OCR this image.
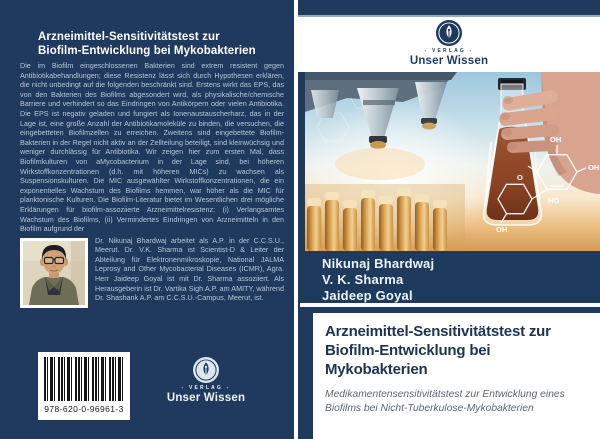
Arzneimittel-Sensitivitätstest zur
Biofilm-Entwicklung bei Mykobakterien
Die im Biofilm eingeschlossenen Bakterien sind extrem resistent gegen Antibiotikabehandlungen; diese Resistenz lässt sich durch Hypothesen erklären, die nicht unbedingt auf die folgenden beschränkt sind. Erstens wirkt das EPS, das von den Bakterien des Biofilms abgesondert wird, als physikalische/chemische Barriere und verhindert so das Eindringen von Antikörpern oder vielen Antibiotika. Die EPS ist negativ geladen und fungiert als Ionenaustauscherharz, das in der Lage ist, eine große Anzahl der Antibiotikamoleküle zu binden, die versuchen, die eingebetteten Biofilmzellen zu erreichen. Zweitens sind eingebettete Biofilm-Bakterien in der Regel nicht aktiv an der Zellteilung beteiligt, sind kleinwüchsig und weniger durchlässig für Antibiotika. Wir zeigen hier zum ersten Mal, dass Biofilmkulturen von aMycobacterium in der Lage sind, bei höheren Wirkstoffkonzentrationen (d.h. mit höheren MICs) zu wachsen als Suspensionskulturen. Die MIC ausgewählter Wirkstoffkonzentrationen, die ein exponentielles Wachstum des Biofilms hemmen, war höher als die MIC für planktonische Kulturen. Die Biofilm-Literatur bietet im Wesentlichen drei mögliche Erklärungen für biofilm-assoziierte Arzneimittelresistenz: (i) Verlangsamtes Wachstum des Biofilms, (ii) Vermindertes Eindringen von Arzneimitteln in den Biofilm aufgrund der
Dr. Nikunaj Bhardwaj arbeitet als A.P. in der C.C.S.U., Meerut. Dr. V.K. Sharma ist Scientist-D & Leiter der Abteilung für Elektronenmikroskopie, National JALMA Leprosy and Other Mycobacterial Diseases (ICMR), Agra. Herr Jaideep Goyal ist mit Dr. Sharma assoziiert. Als Herausgeberin ist Dr. Vartika Sigh A.P. am AMITY, während Dr. Shashank A.P. am C.C.S.U.-Campus, Meerut, ist.
978-620-0-96961-3
- VERLAG -
Unser Wissen
- VERLAG -
Unser Wissen
OH
OH
O
HO
OH
Nikunaj Bhardwaj
V. K. Sharma
Jaideep Goyal
Arzneimittel-Sensitivitätstest zur
Biofilm-Entwicklung bei
Mykobakterien
Medikamentensensitivitätstest zur Entwicklung eines
Biofilms bei Nicht-Tuberkulose-Mykobakterien
